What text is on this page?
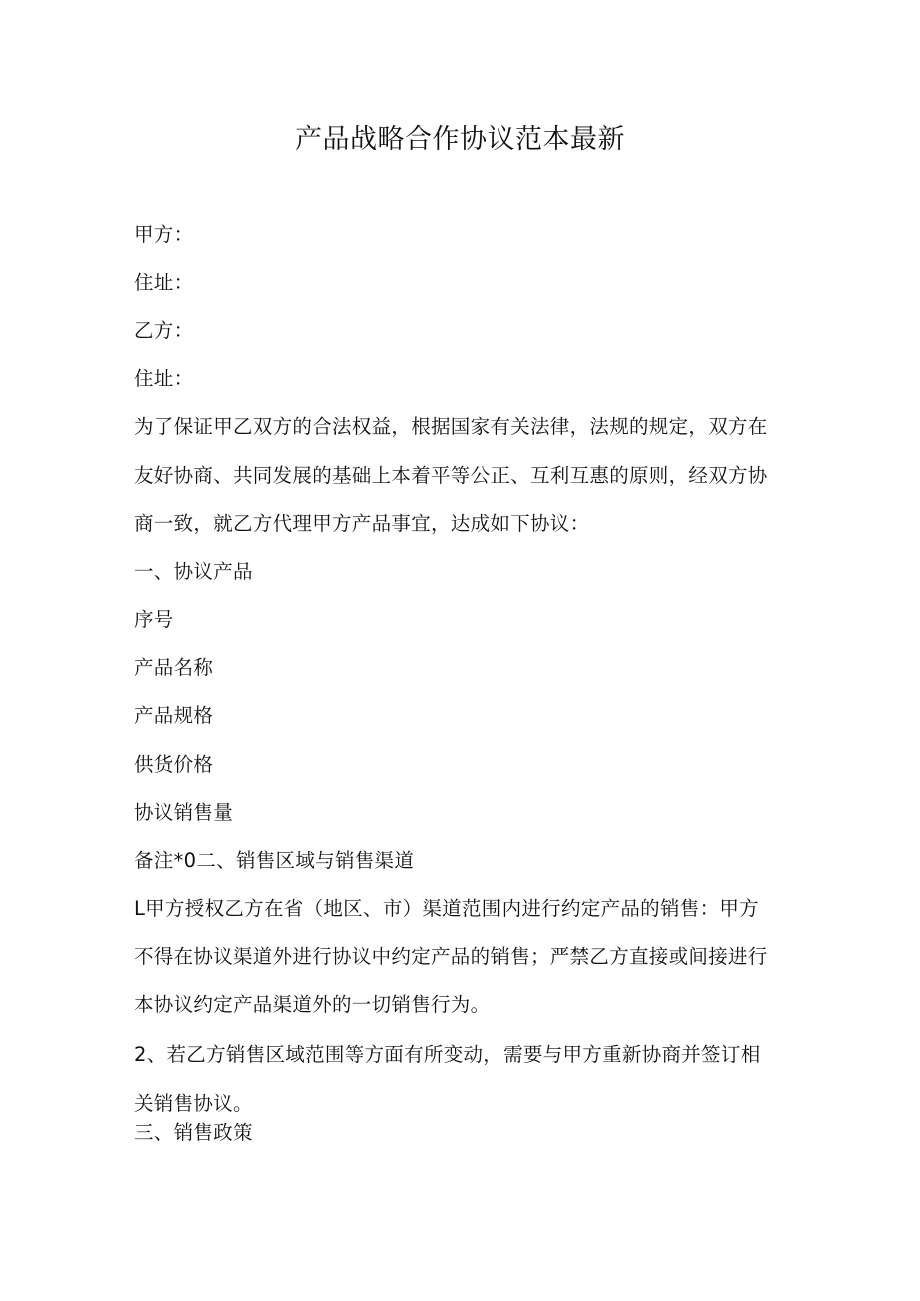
产品战略合作协议范本最新
甲方：
住址：
乙方：
住址：
为了保证甲乙双方的合法权益，根据国家有关法律，法规的规定，双方在
友好协商、共同发展的基础上本着平等公正、互利互惠的原则，经双方协
商一致，就乙方代理甲方产品事宜，达成如下协议：
一、协议产品
序号
产品名称
产品规格
供货价格
协议销售量
备注*0二、销售区域与销售渠道
L甲方授权乙方在省（地区、市）渠道范围内进行约定产品的销售：甲方
不得在协议渠道外进行协议中约定产品的销售；严禁乙方直接或间接进行
本协议约定产品渠道外的一切销售行为。
2、若乙方销售区域范围等方面有所变动，需要与甲方重新协商并签订相
关销售协议。
三、销售政策
